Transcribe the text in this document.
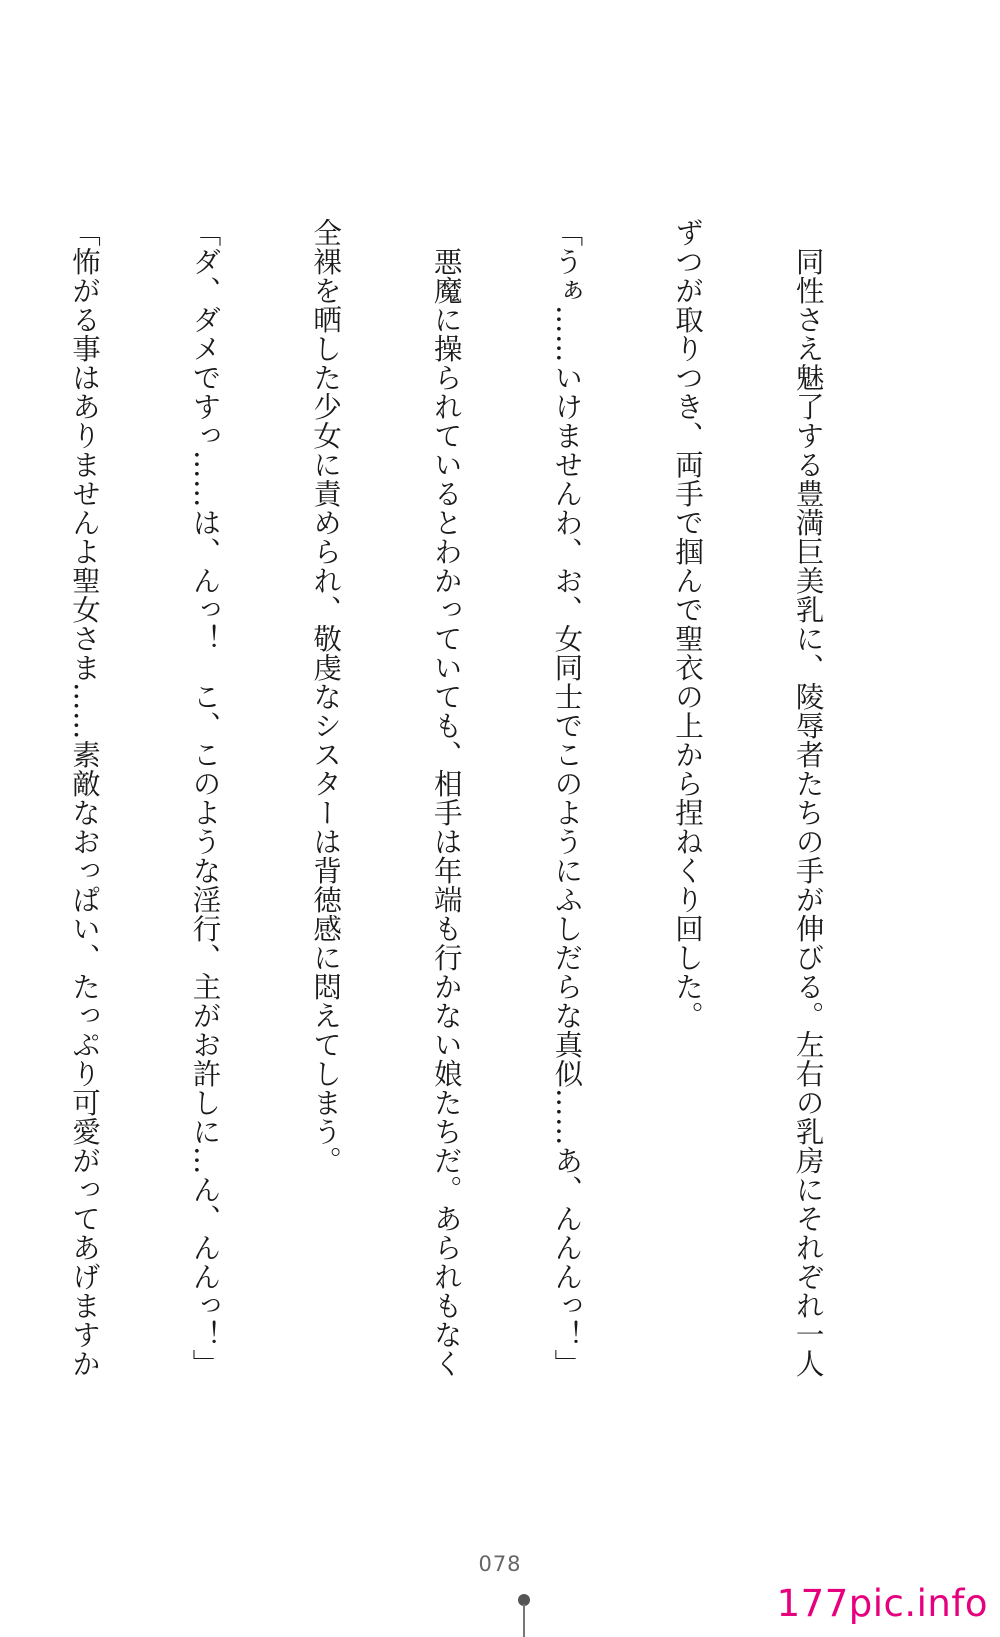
　同性さえ魅了する豊満巨美乳に、陵辱者たちの手が伸びる。左右の乳房にそれぞれ一人

ずつが取りつき、両手で掴んで聖衣の上から捏ねくり回した。

「うぁ……いけませんわ、お、女同士でこのようにふしだらな真似……あ、んんんっ！」

　悪魔に操られているとわかっていても、相手は年端も行かない娘たちだ。あられもなく

全裸を晒した少女に責められ、敬虔なシスターは背徳感に悶えてしまう。

「ダ、ダメですっ……は、んっ！　こ、このような淫行、主がお許しに…ん、んんっ！」

「怖がる事はありませんよ聖女さま……素敵なおっぱい、たっぷり可愛がってあげますか

078
177pic.info
